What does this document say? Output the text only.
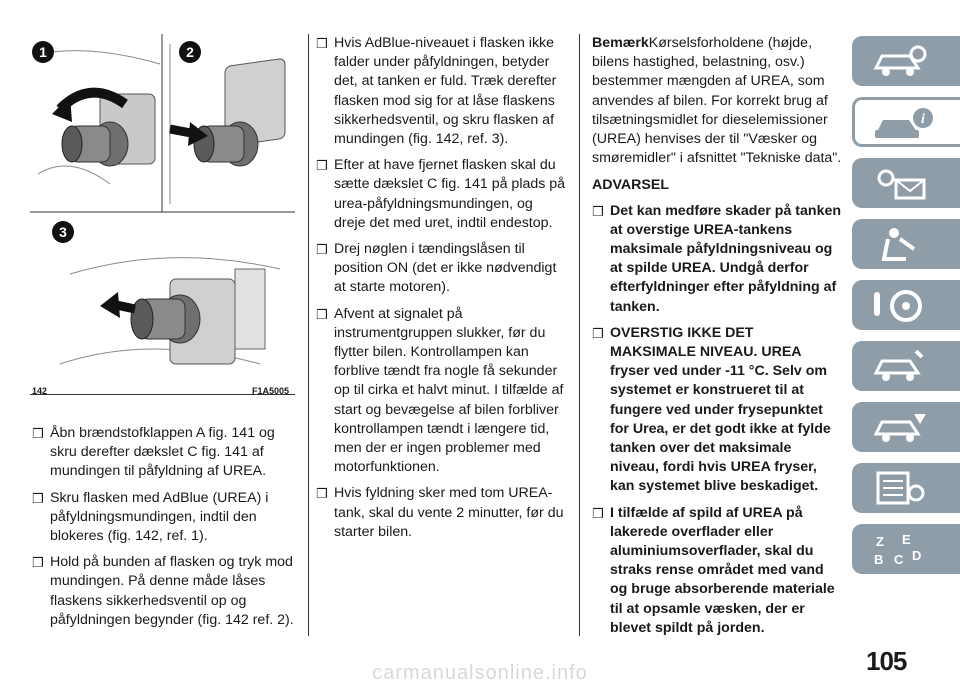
1	2
3
142	F1A5005

❒ Åbn brændstofklappen A fig. 141 og skru derefter dækslet C fig. 141 af mundingen til påfyldning af UREA.

❒ Skru flasken med AdBlue (UREA) i påfyldningsmundingen, indtil den blokeres (fig. 142, ref. 1).

❒ Hold på bunden af flasken og tryk mod mundingen. På denne måde låses flaskens sikkerhedsventil op og påfyldningen begynder (fig. 142 ref. 2).

❒ Hvis AdBlue-niveauet i flasken ikke falder under påfyldningen, betyder det, at tanken er fuld. Træk derefter flasken mod sig for at låse flaskens sikkerhedsventil, og skru flasken af mundingen (fig. 142, ref. 3).

❒ Efter at have fjernet flasken skal du sætte dækslet C fig. 141 på plads på urea-påfyldningsmundingen, og dreje det med uret, indtil endestop.

❒ Drej nøglen i tændingslåsen til position ON (det er ikke nødvendigt at starte motoren).

❒ Afvent at signalet på instrumentgruppen slukker, før du flytter bilen. Kontrollampen kan forblive tændt fra nogle få sekunder op til cirka et halvt minut. I tilfælde af start og bevægelse af bilen forbliver kontrollampen tændt i længere tid, men der er ingen problemer med motorfunktionen.

❒ Hvis fyldning sker med tom UREA-tank, skal du vente 2 minutter, før du starter bilen.

BemærkKørselsforholdene (højde, bilens hastighed, belastning, osv.) bestemmer mængden af UREA, som anvendes af bilen. For korrekt brug af tilsætningsmidlet for dieselemissioner (UREA) henvises der til "Væsker og smøremidler" i afsnittet "Tekniske data".

ADVARSEL

❒ Det kan medføre skader på tanken at overstige UREA-tankens maksimale påfyldningsniveau og at spilde UREA. Undgå derfor efterfyldninger efter påfyldning af tanken.

❒ OVERSTIG IKKE DET MAKSIMALE NIVEAU. UREA fryser ved under -11 °C. Selv om systemet er konstrueret til at fungere ved under frysepunktet for Urea, er det godt ikke at fylde tanken over det maksimale niveau, fordi hvis UREA fryser, kan systemet blive beskadiget.

❒ I tilfælde af spild af UREA på lakerede overflader eller aluminiumsoverflader, skal du straks rense området med vand og bruge absorberende materiale til at opsamle væsken, der er blevet spildt på jorden.

i
Z E
B C D
105
carmanualsonline.info
